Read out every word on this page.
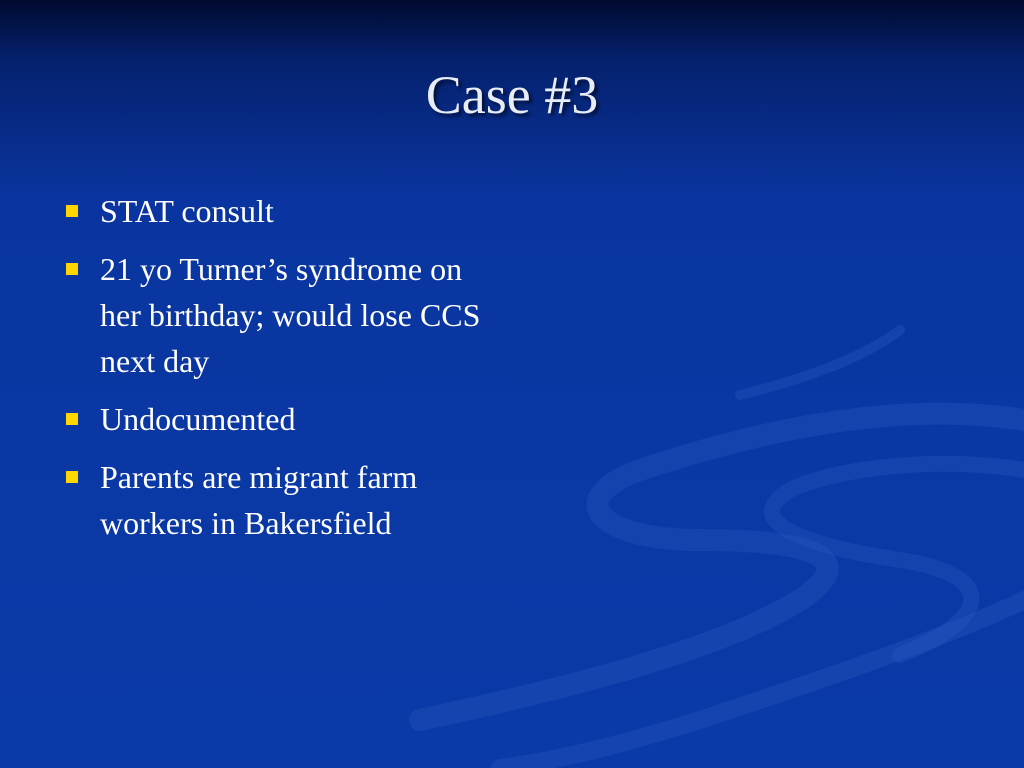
Case #3
STAT consult
21 yo Turner’s syndrome on her birthday; would lose CCS next day
Undocumented
Parents are migrant farm workers in Bakersfield
